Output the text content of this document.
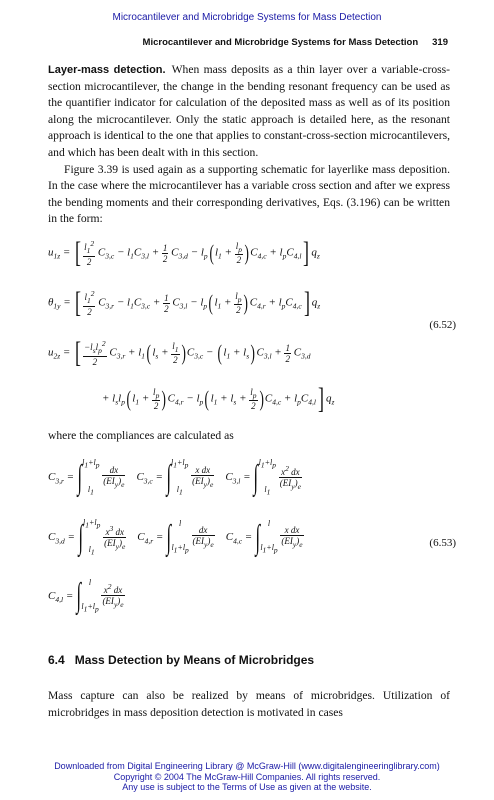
Microcantilever and Microbridge Systems for Mass Detection
Microcantilever and Microbridge Systems for Mass Detection 319

Layer-mass detection. When mass deposits as a thin layer over a variable-cross-section microcantilever, the change in the bending resonant frequency can be used as the quantifier indicator for calculation of the deposited mass as well as of its position along the microcantilever. Only the static approach is detailed here, as the resonant approach is identical to the one that applies to constant-cross-section microcantilevers, and which has been dealt with in this section.

Figure 3.39 is used again as a supporting schematic for layerlike mass deposition. In the case where the microcantilever has a variable cross section and after we express the bending moments and their corresponding derivatives, Eqs. (3.196) can be written in the form:

$u_{1z}$ = [ $\frac{l_1^2}{2} C_{3,c} - l_1C_{3,l} + \frac{1}{2} C_{3,d} - l_p(l_1 + \frac{l_p}{2} )C_{4,c} + l_pC_{4,l}$] $q_z$
$\theta_{1y}$ = [ $\frac{l_1^2}{2} C_{3,r} - l_1C_{3,c} + \frac{1}{2} C_{3,l} - l_p(l_1 + \frac{l_p}{2} )C_{4,r} + l_pC_{4,c}$] $q_z$
(6.52)
$u_{2z}$ = [ $\frac{-l_sl_p^2}{2} C_{3,r} + l_1(l_s + \frac{l_1}{2} )C_{3,c} - (l_1 + l_s)C_{3,l} + \frac{1}{2} C_{3,d}$
+ $l_sl_p(l_1 + \frac{l_p}{2} )C_{4,r} - l_p(l_1 + l_s + \frac{l_p}{2} )C_{4,c} + l_pC_{4,l}$] $q_z$
where the compliances are calculated as
$C_{3,r}$ = ∫ $l_1+l_p$
$l_1$

$\frac{dx}{(EI_y)_e} C_{3,c}$ = ∫ $l_1+l_p$
$l_1$

$\frac{\text{x dx}}{(EI_y)_e} C_{3,l}$ = ∫ $l_1+l_p$
$l_1$

$\frac{x^2 dx}{(EI_y)_e}$
$C_{3,d}$ = ∫ $l_1+l_p$
$l_1$

$\frac{x^3 dx}{(EI_y)_e} C_{4,r}$ = ∫ l
$l_1+l_p$

$\frac{dx}{(EI_y)_e} C_{4,c}$ = ∫ l
$l_1+l_p$

$\frac{\text{x dx}}{(EI_y)_e}$	(6.53)
$C_{4,l}$ = ∫ l
$l_1+l_p$
$\frac{x^2 dx}{(EI_y)_e}$
6.4 Mass Detection by Means of Microbridges
Mass capture can also be realized by means of microbridges. Utilization of microbridges in mass deposition detection is motivated in cases
Downloaded from Digital Engineering Library @ McGraw-Hill (www.digitalengineeringlibrary.com)
Copyright © 2004 The McGraw-Hill Companies. All rights reserved.
Any use is subject to the Terms of Use as given at the website.
